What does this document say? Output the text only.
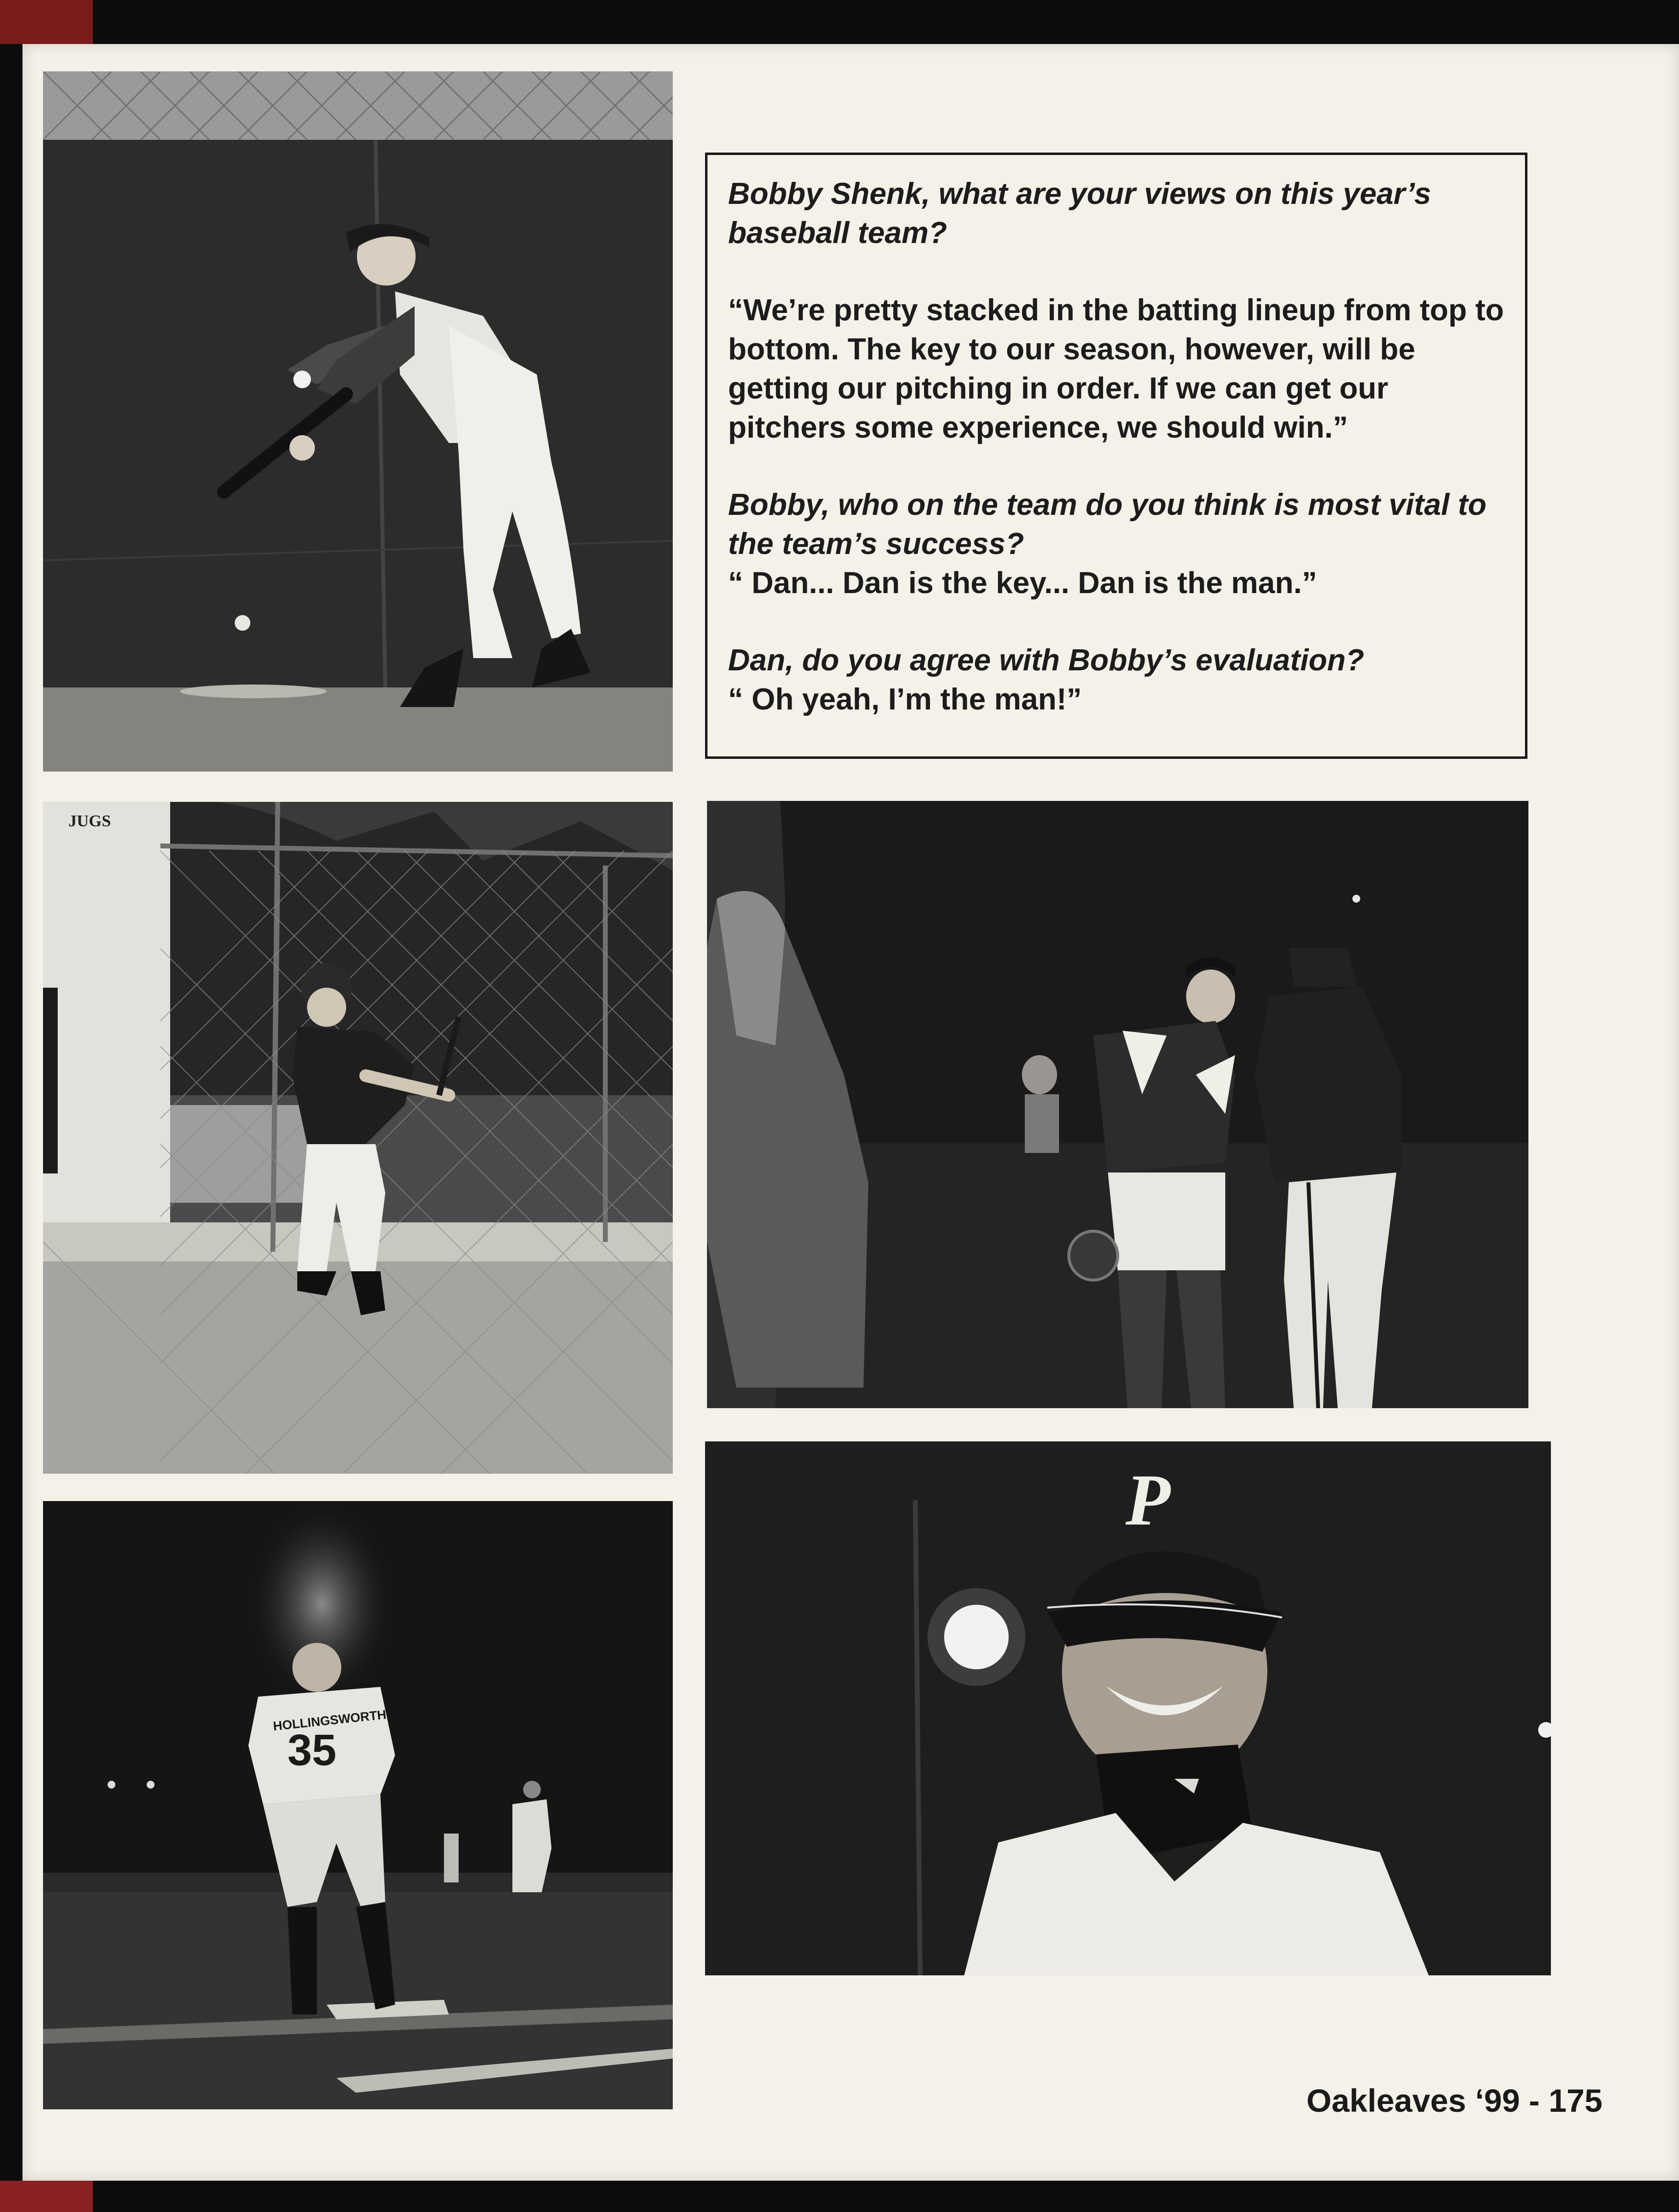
Bobby Shenk, what are your views on this year’s baseball team?
“We’re pretty stacked in the batting lineup from top to bottom. The key to our season, however, will be getting our pitching in order. If we can get our pitchers some experience, we should win.”
Bobby, who on the team do you think is most vital to the team’s success?
“ Dan... Dan is the key... Dan is the man.”
Dan, do you agree with Bobby’s evaluation?
“ Oh yeah, I’m the man!”
JUGS
HOLLINGSWORTH
35
P
Oakleaves ‘99 - 175
